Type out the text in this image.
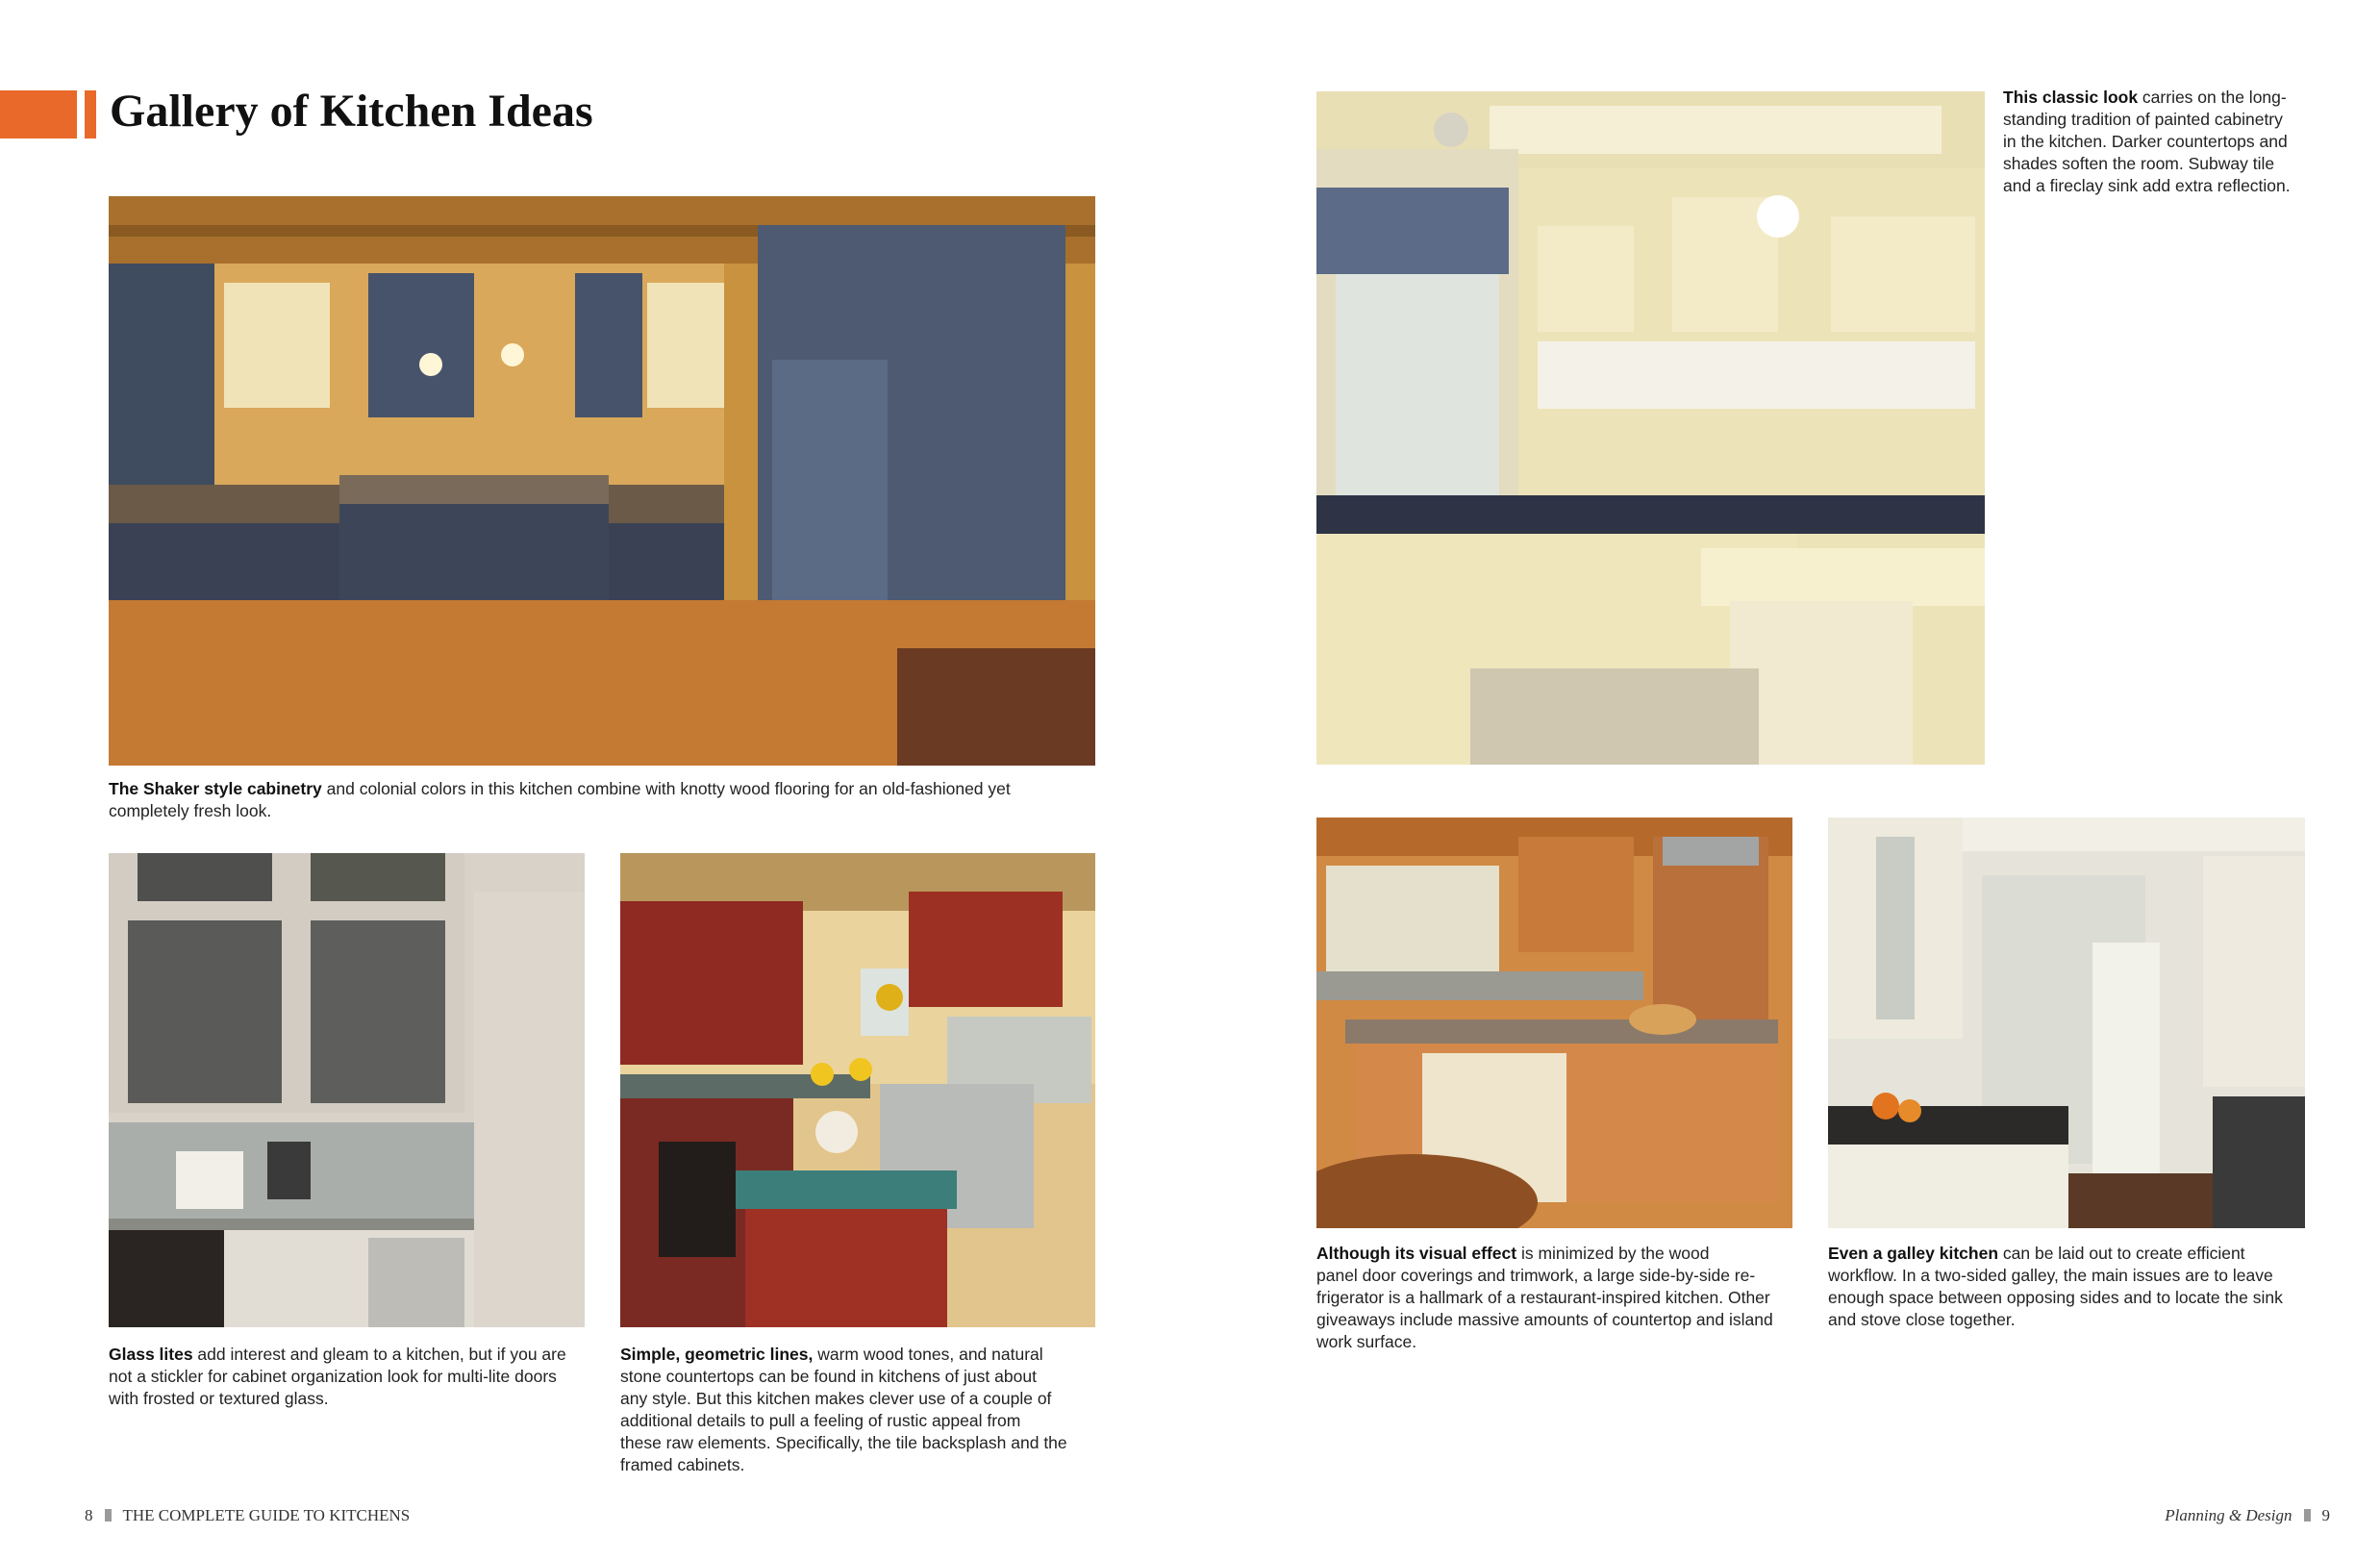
Gallery of Kitchen Ideas
The Shaker style cabinetry and colonial colors in this kitchen combine with knotty wood flooring for an old-fashioned yet
completely fresh look.
This classic look carries on the long-
standing tradition of painted cabinetry
in the kitchen. Darker countertops and
shades soften the room. Subway tile
and a fireclay sink add extra reflection.
Glass lites add interest and gleam to a kitchen, but if you are
not a stickler for cabinet organization look for multi-lite doors
with frosted or textured glass.
Simple, geometric lines, warm wood tones, and natural
stone countertops can be found in kitchens of just about
any style. But this kitchen makes clever use of a couple of
additional details to pull a feeling of rustic appeal from
these raw elements. Specifically, the tile backsplash and the
framed cabinets.
Although its visual effect is minimized by the wood
panel door coverings and trimwork, a large side-by-side re-
frigerator is a hallmark of a restaurant-inspired kitchen. Other
giveaways include massive amounts of countertop and island
work surface.
Even a galley kitchen can be laid out to create efficient
workflow. In a two-sided galley, the main issues are to leave
enough space between opposing sides and to locate the sink
and stove close together.
8 THE COMPLETE GUIDE TO KITCHENS	Planning & Design 9
